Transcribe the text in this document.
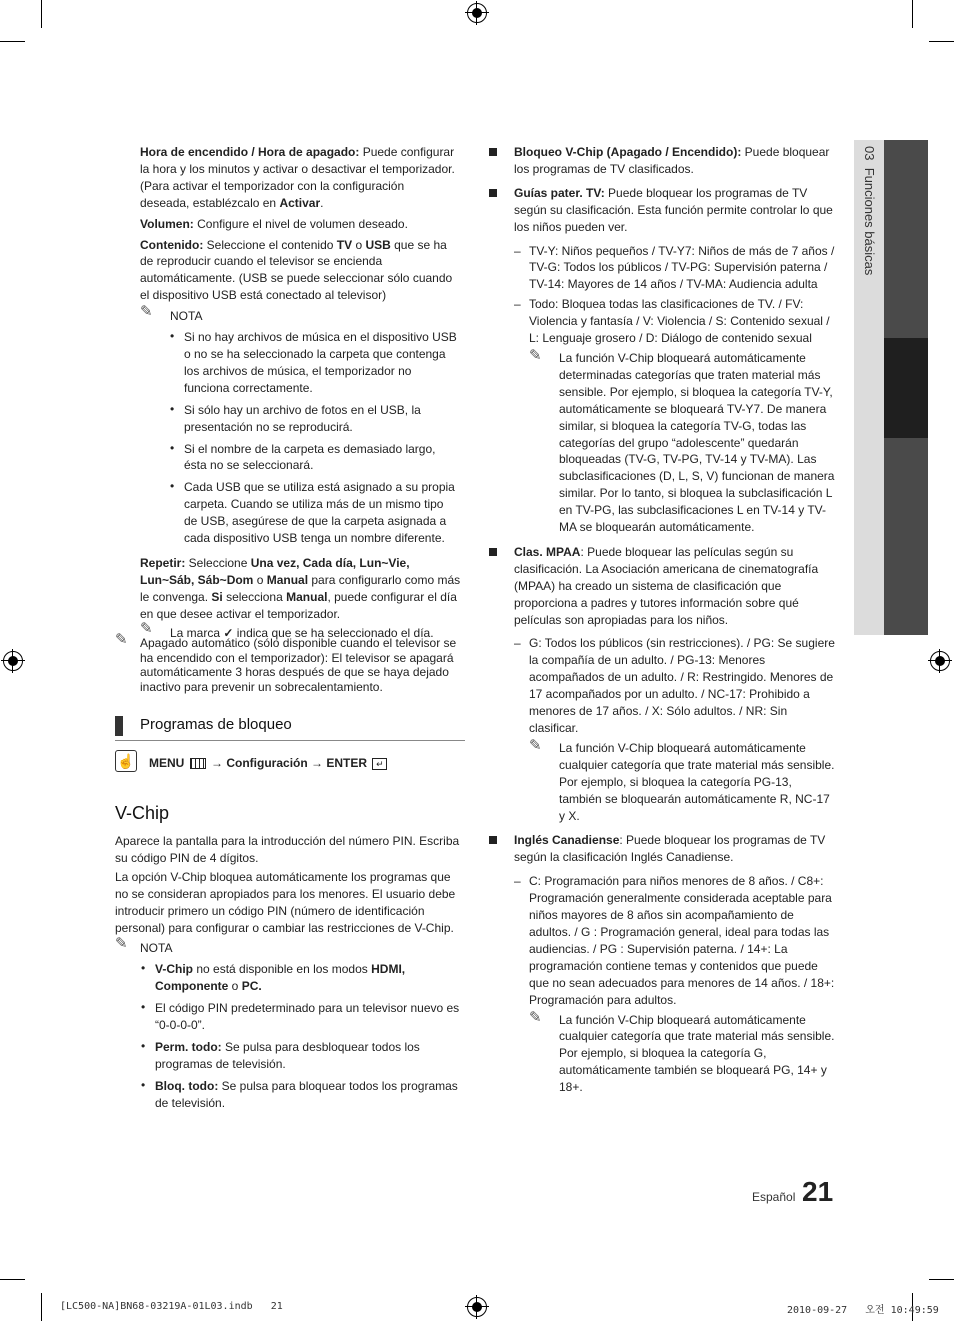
03  Funciones básicas

Hora de encendido / Hora de apagado: Puede configurar la hora y los minutos y activar o desactivar el temporizador. (Para activar el temporizador con la configuración deseada, establézcalo en Activar.

Volumen: Configure el nivel de volumen deseado.

Contenido: Seleccione el contenido TV o USB que se ha de reproducir cuando el televisor se encienda automáticamente. (USB se puede seleccionar sólo cuando el dispositivo USB está conectado al televisor)

✎ NOTA
• Si no hay archivos de música en el dispositivo USB o no se ha seleccionado la carpeta que contenga los archivos de música, el temporizador no funciona correctamente.
• Si sólo hay un archivo de fotos en el USB, la presentación no se reproducirá.
• Si el nombre de la carpeta es demasiado largo, ésta no se seleccionará.
• Cada USB que se utiliza está asignado a su propia carpeta. Cuando se utiliza más de un mismo tipo de USB, asegúrese de que la carpeta asignada a cada dispositivo USB tenga un nombre diferente.

Repetir: Seleccione Una vez, Cada día, Lun~Vie, Lun~Sáb, Sáb~Dom o Manual para configurarlo como más le convenga. Si selecciona Manual, puede configurar el día en que desee activar el temporizador.

✎ La marca ✓ indica que se ha seleccionado el día.
✎ Apagado automático (sólo disponible cuando el televisor se ha encendido con el temporizador): El televisor se apagará automáticamente 3 horas después de que se haya dejado inactivo para prevenir un sobrecalentamiento.

Programas de bloqueo
☝ MENU  → Configuración → ENTER ↵
V-Chip

Aparece la pantalla para la introducción del número PIN. Escriba su código PIN de 4 dígitos.

La opción V-Chip bloquea automáticamente los programas que no se consideran apropiados para los menores. El usuario debe introducir primero un código PIN (número de identificación personal) para configurar o cambiar las restricciones de V-Chip.

✎ NOTA
• V-Chip no está disponible en los modos HDMI, Componente o PC.
• El código PIN predeterminado para un televisor nuevo es “0-0-0-0”.
• Perm. todo: Se pulsa para desbloquear todos los programas de televisión.
• Bloq. todo: Se pulsa para bloquear todos los programas de televisión.
Bloqueo V-Chip (Apagado / Encendido): Puede bloquear los programas de TV clasificados.
Guías pater. TV: Puede bloquear los programas de TV según su clasificación. Esta función permite controlar lo que los niños pueden ver.
– TV-Y: Niños pequeños / TV-Y7: Niños de más de 7 años / TV-G: Todos los públicos / TV-PG: Supervisión paterna / TV-14: Mayores de 14 años / TV-MA: Audiencia adulta
– Todo: Bloquea todas las clasificaciones de TV. / FV: Violencia y fantasía / V: Violencia / S: Contenido sexual / L: Lenguaje grosero / D: Diálogo de contenido sexual
✎ La función V-Chip bloqueará automáticamente determinadas categorías que traten material más sensible. Por ejemplo, si bloquea la categoría TV-Y, automáticamente se bloqueará TV-Y7. De manera similar, si bloquea la categoría TV-G, todas las categorías del grupo “adolescente” quedarán bloqueadas (TV-G, TV-PG, TV-14 y TV-MA). Las subclasificaciones (D, L, S, V) funcionan de manera similar. Por lo tanto, si bloquea la subclasificación L en TV-PG, las subclasificaciones L en TV-14 y TV-MA se bloquearán automáticamente.
Clas. MPAA: Puede bloquear las películas según su clasificación. La Asociación americana de cinematografía (MPAA) ha creado un sistema de clasificación que proporciona a padres y tutores información sobre qué películas son apropiadas para los niños.
– G: Todos los públicos (sin restricciones). / PG: Se sugiere la compañía de un adulto. / PG-13: Menores acompañados de un adulto. / R: Restringido. Menores de 17 acompañados por un adulto. / NC-17: Prohibido a menores de 17 años. / X: Sólo adultos. / NR: Sin clasificar.
✎ La función V-Chip bloqueará automáticamente cualquier categoría que trate material más sensible. Por ejemplo, si bloquea la categoría PG-13, también se bloquearán automáticamente R, NC-17 y X.
Inglés Canadiense: Puede bloquear los programas de TV según la clasificación Inglés Canadiense.
– C: Programación para niños menores de 8 años. / C8+: Programación generalmente considerada aceptable para niños mayores de 8 años sin acompañamiento de adultos. / G : Programación general, ideal para todas las audiencias. / PG : Supervisión paterna. / 14+: La programación contiene temas y contenidos que puede que no sean adecuados para menores de 14 años. / 18+: Programación para adultos.
✎ La función V-Chip bloqueará automáticamente cualquier categoría que trate material más sensible. Por ejemplo, si bloquea la categoría G, automáticamente también se bloqueará PG, 14+ y 18+.
Español 21
[LC500-NA]BN68-03219A-01L03.indb   21	2010-09-27   오전 10:49:59
